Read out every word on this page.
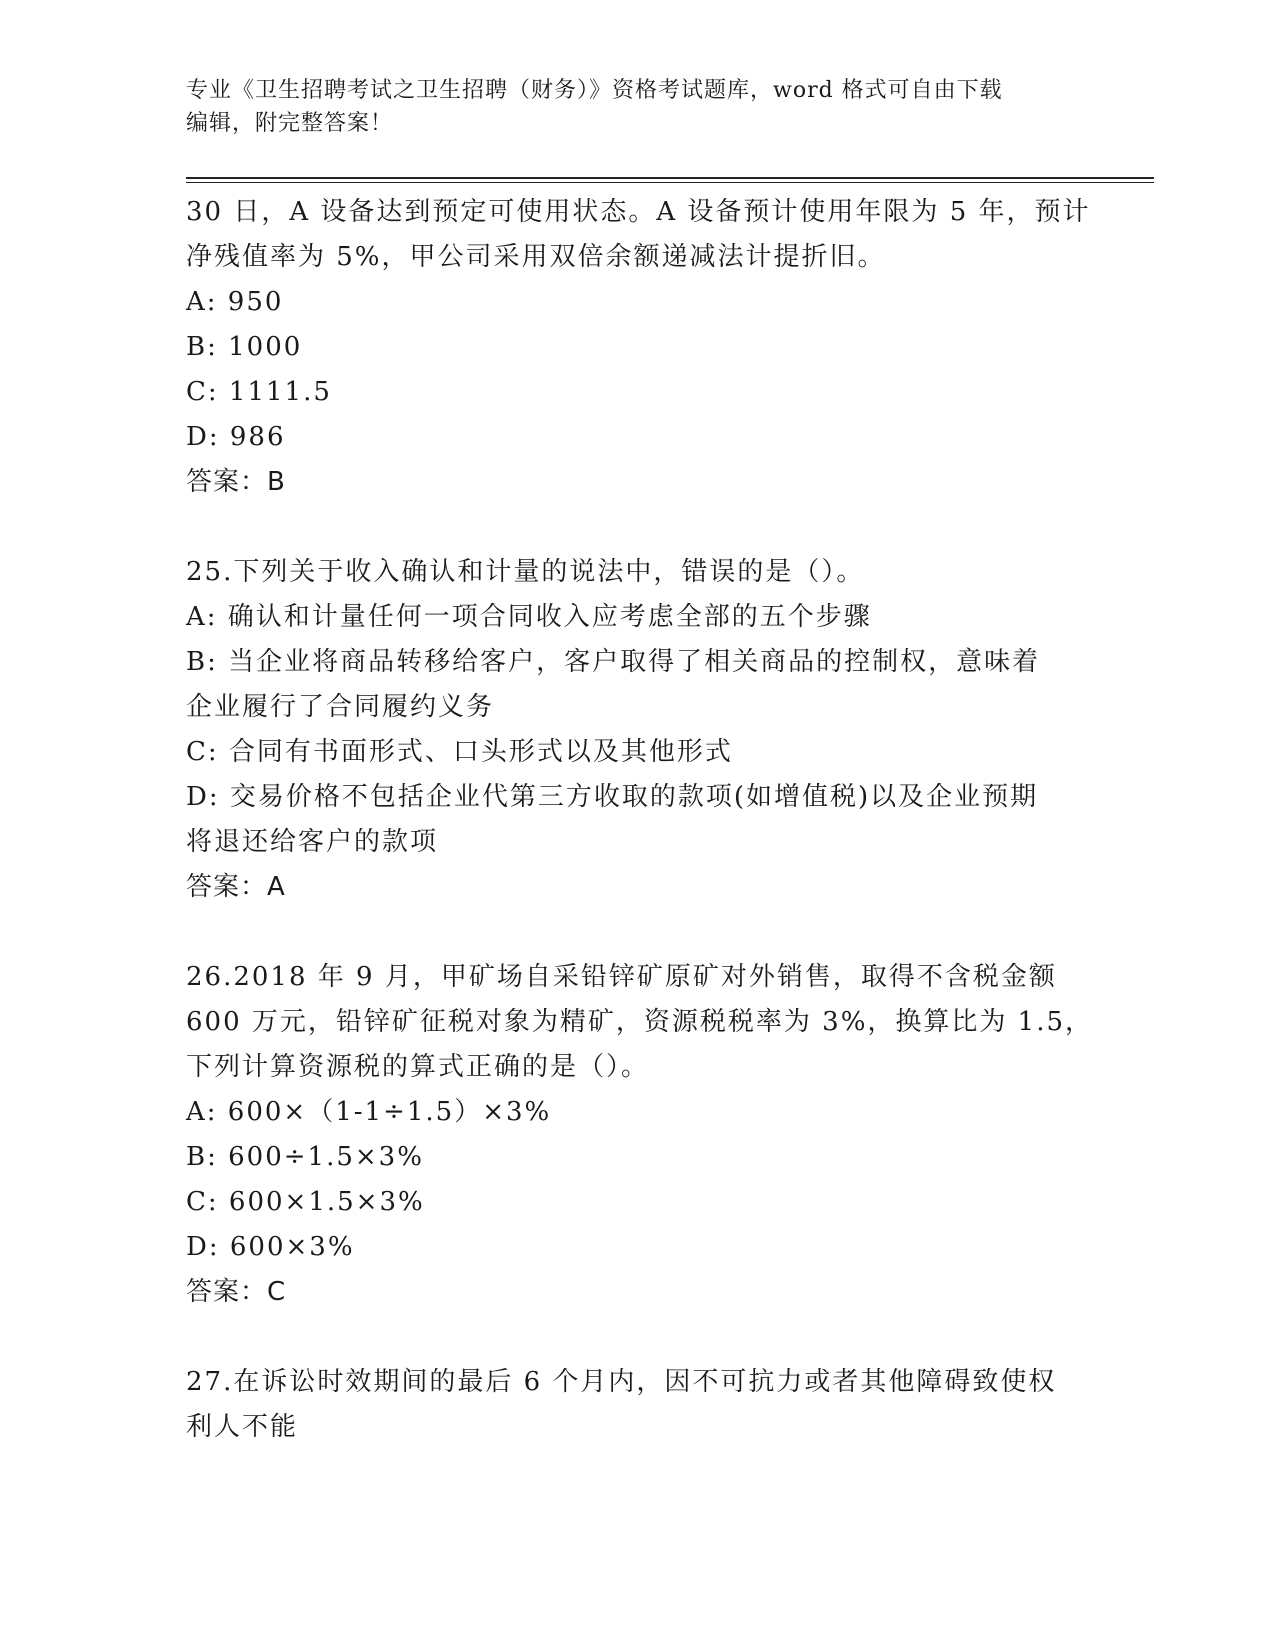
专业《卫生招聘考试之卫生招聘（财务）》资格考试题库，word 格式可自由下载
编辑，附完整答案！
30 日，A 设备达到预定可使用状态。A 设备预计使用年限为 5 年，预计
净残值率为 5%，甲公司采用双倍余额递减法计提折旧。
A: 950
B: 1000
C: 1111.5
D: 986
答案：B
25.下列关于收入确认和计量的说法中，错误的是（）。
A: 确认和计量任何一项合同收入应考虑全部的五个步骤
B: 当企业将商品转移给客户，客户取得了相关商品的控制权，意味着
企业履行了合同履约义务
C: 合同有书面形式、口头形式以及其他形式
D: 交易价格不包括企业代第三方收取的款项(如增值税)以及企业预期
将退还给客户的款项
答案：A
26.2018 年 9 月，甲矿场自采铅锌矿原矿对外销售，取得不含税金额
600 万元，铅锌矿征税对象为精矿，资源税税率为 3%，换算比为 1.5，
下列计算资源税的算式正确的是（）。
A: 600×（1-1÷1.5）×3%
B: 600÷1.5×3%
C: 600×1.5×3%
D: 600×3%
答案：C
27.在诉讼时效期间的最后 6 个月内，因不可抗力或者其他障碍致使权
利人不能
